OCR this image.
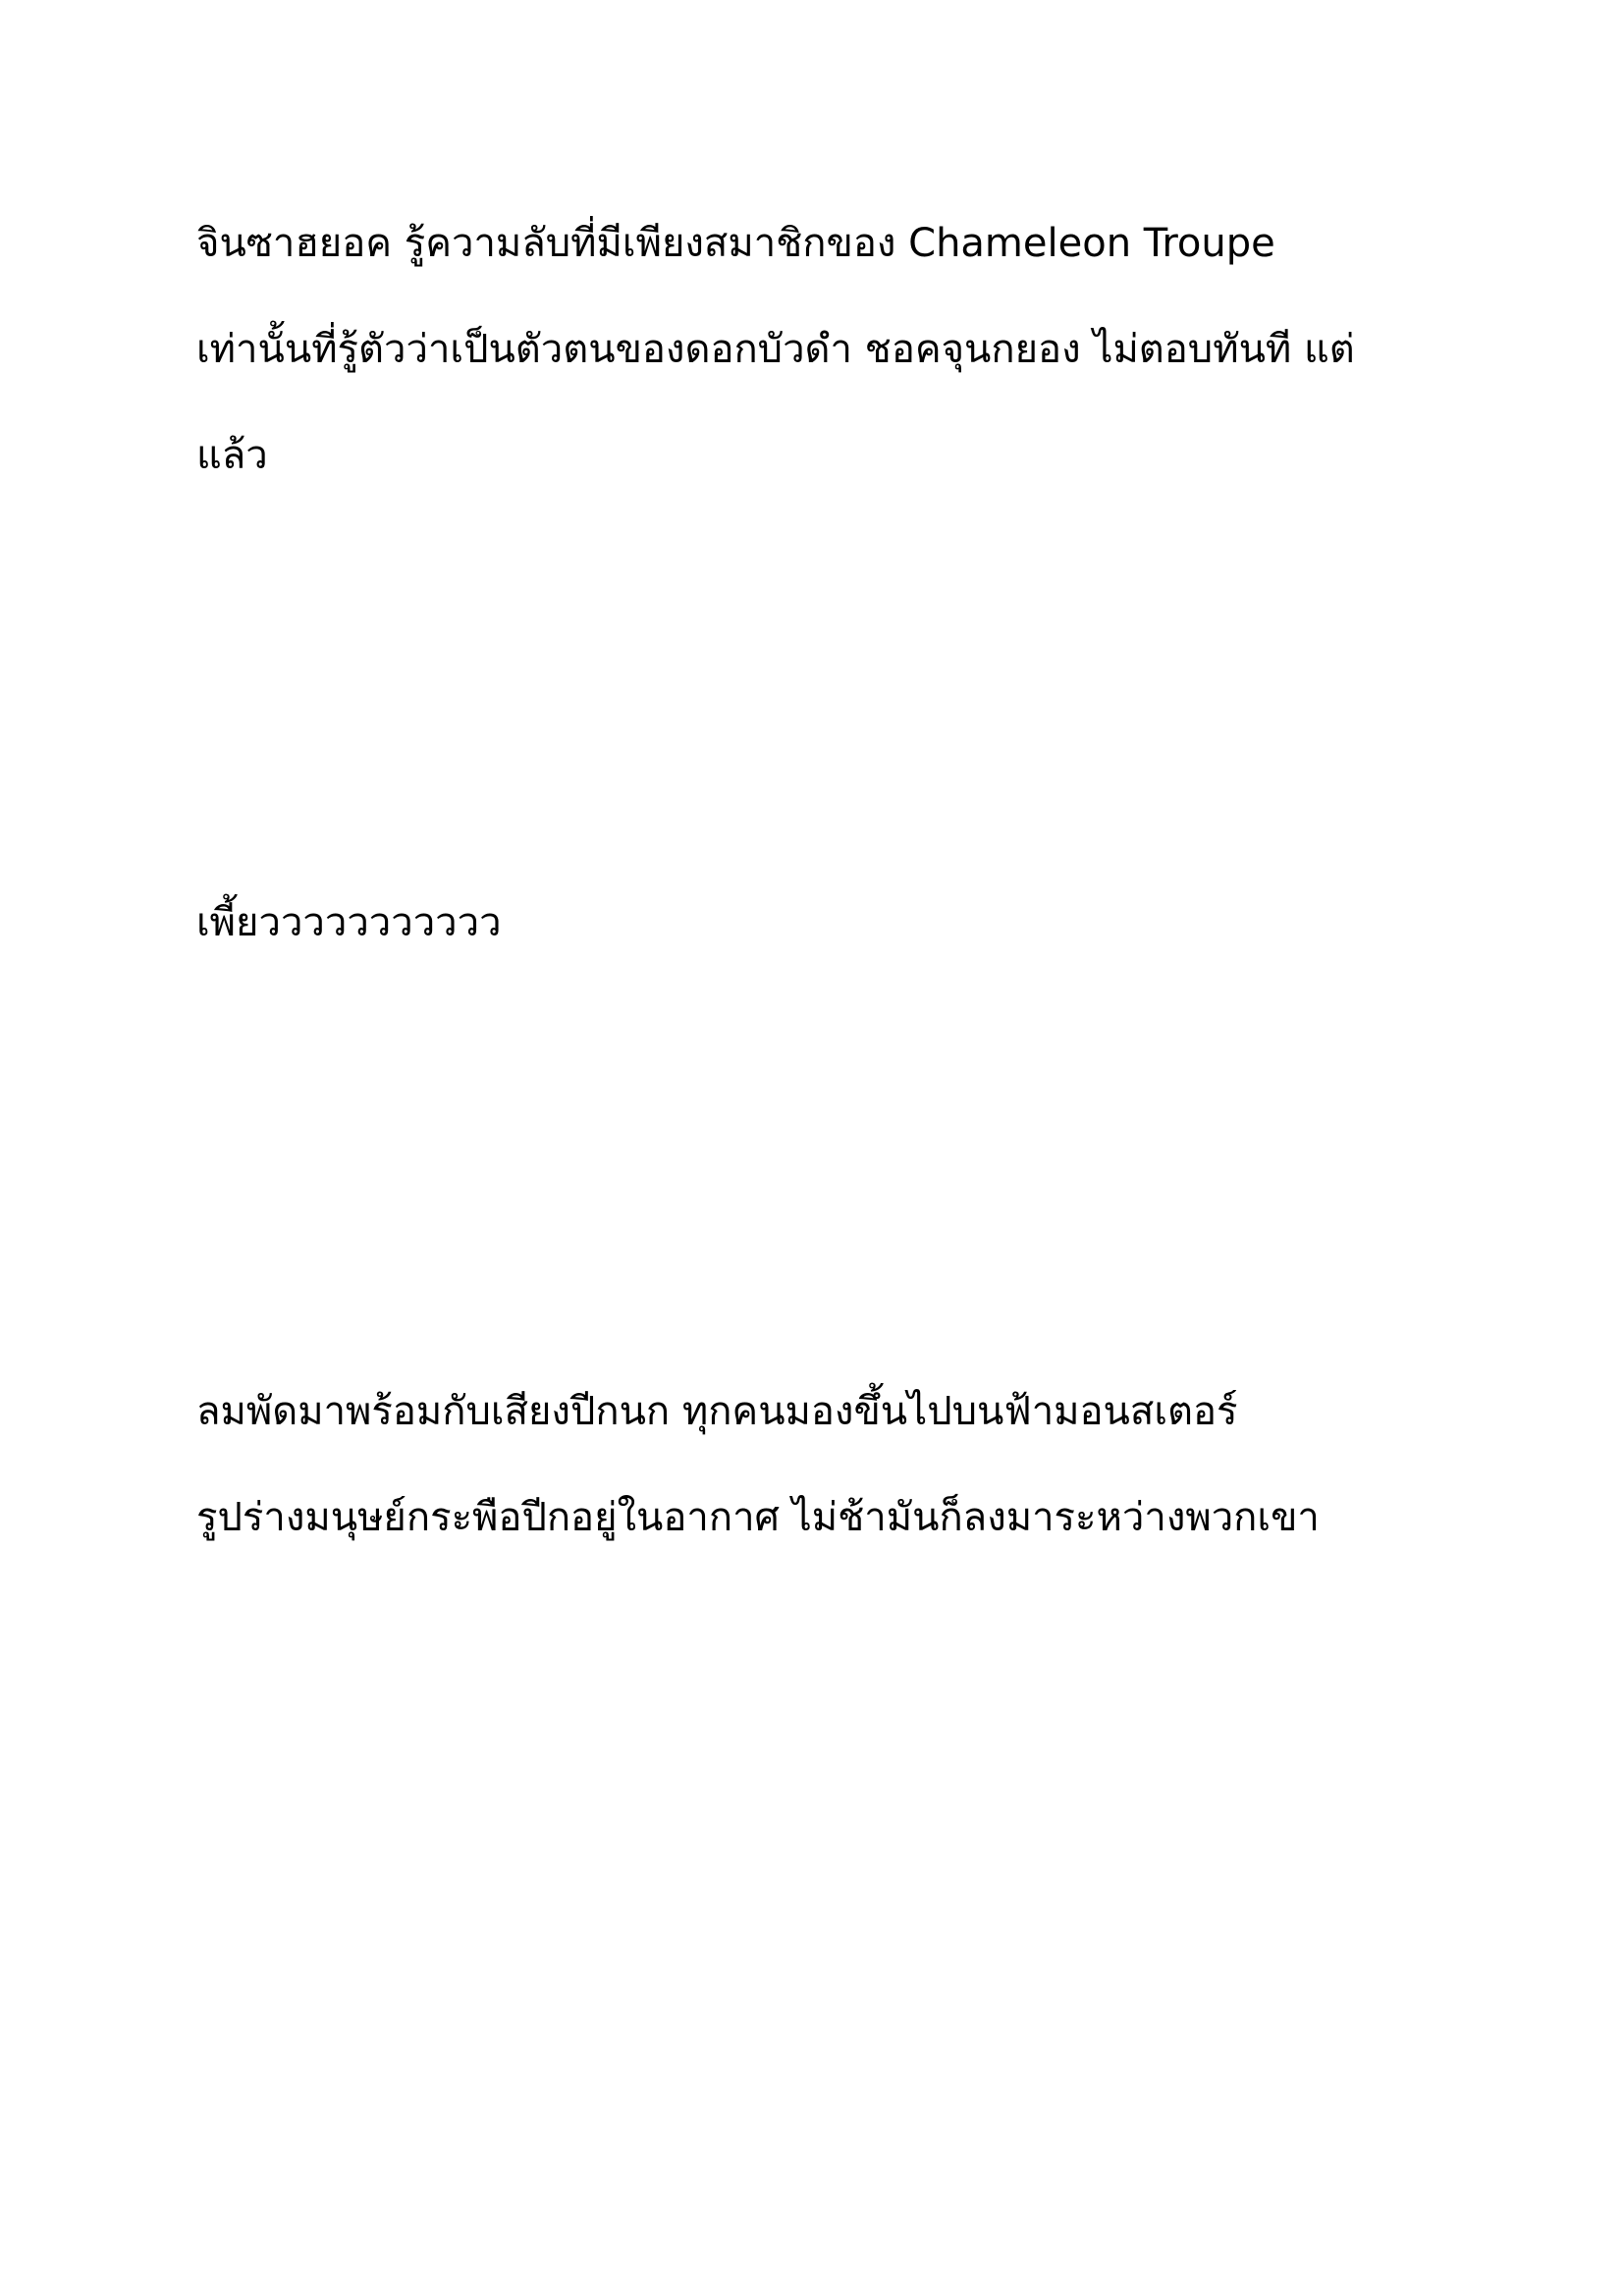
จินซาฮยอค รู้ความลับที่มีเพียงสมาชิกของ Chameleon Troupe
เท่านั้นที่รู้ตัวว่าเป็นตัวตนของดอกบัวดำ ชอคจุนกยอง ไม่ตอบทันที แต่
แล้ว

เพี้ยววววววววววว

ลมพัดมาพร้อมกับเสียงปีกนก ทุกคนมองขึ้นไปบนฟ้ามอนสเตอร์
รูปร่างมนุษย์กระพือปีกอยู่ในอากาศ ไม่ช้ามันก็ลงมาระหว่างพวกเขา
